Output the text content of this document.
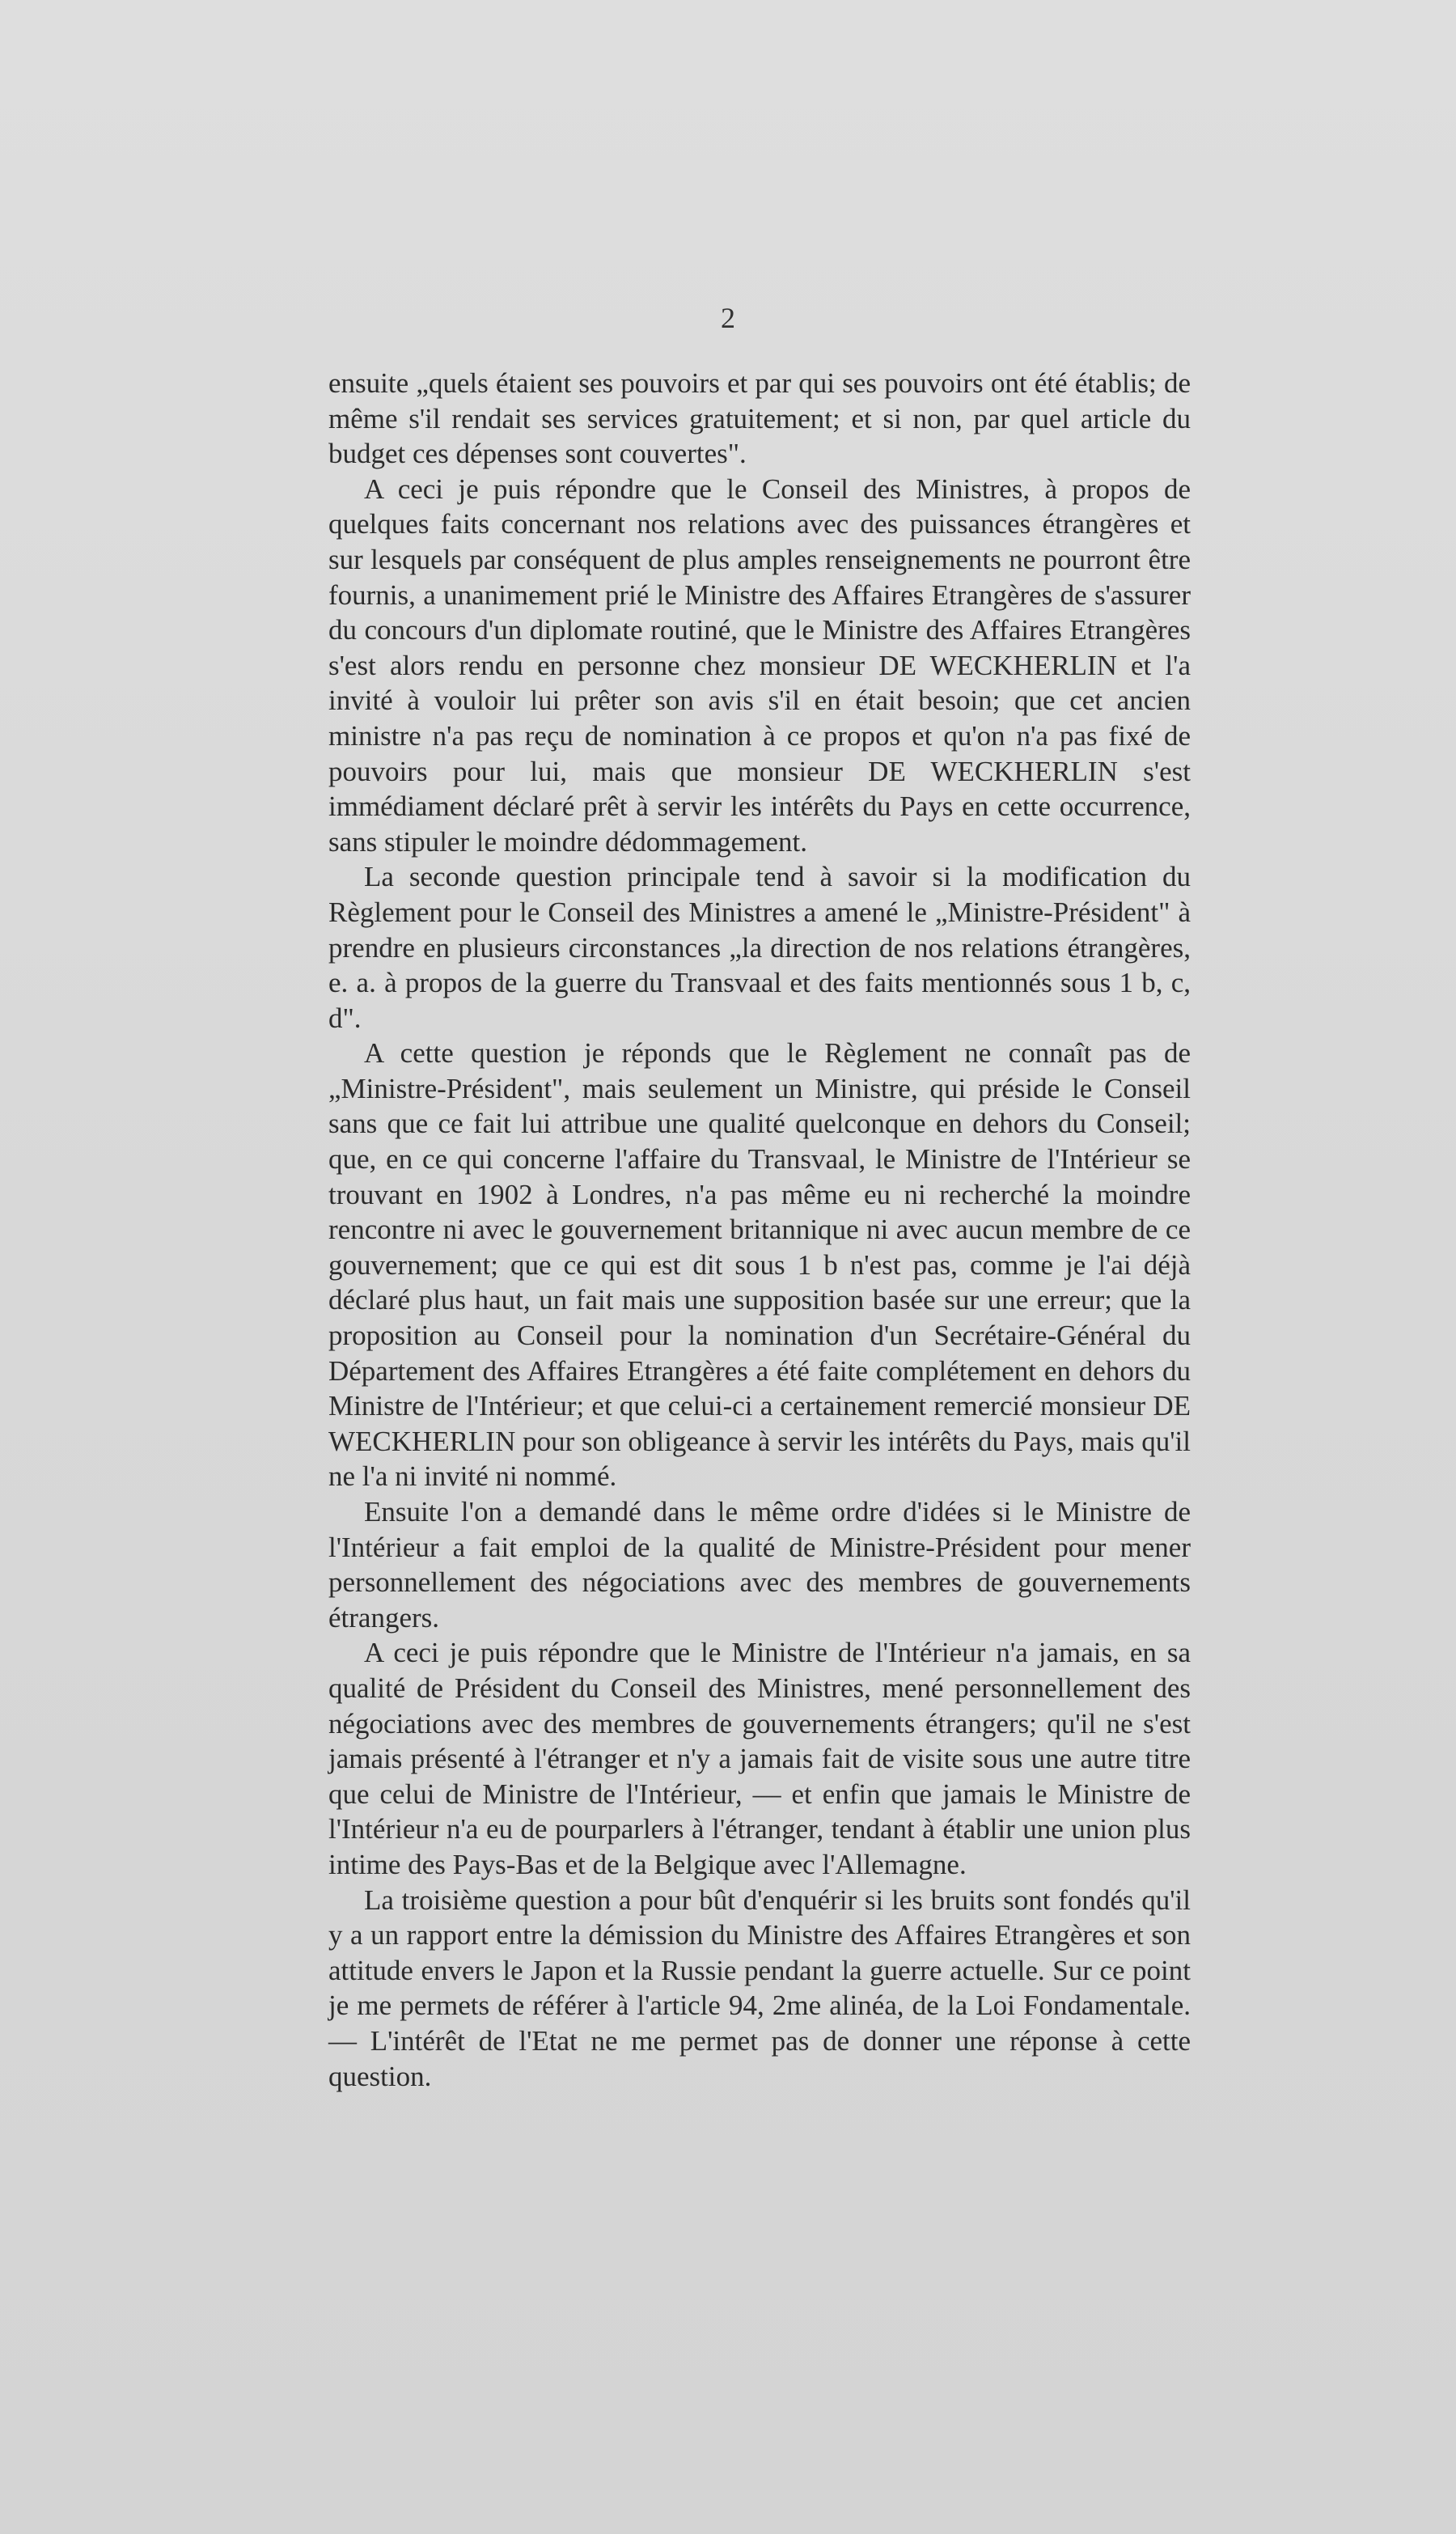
2

ensuite „quels étaient ses pouvoirs et par qui ses pouvoirs ont été établis; de même s'il rendait ses services gratuitement; et si non, par quel article du budget ces dépenses sont couvertes".

A ceci je puis répondre que le Conseil des Ministres, à propos de quelques faits concernant nos relations avec des puissances étrangères et sur lesquels par conséquent de plus amples renseignements ne pourront être fournis, a unanimement prié le Ministre des Affaires Etrangères de s'assurer du concours d'un diplomate routiné, que le Ministre des Affaires Etrangères s'est alors rendu en personne chez monsieur DE WECKHERLIN et l'a invité à vouloir lui prêter son avis s'il en était besoin; que cet ancien ministre n'a pas reçu de nomination à ce propos et qu'on n'a pas fixé de pouvoirs pour lui, mais que monsieur DE WECKHERLIN s'est immédiament déclaré prêt à servir les intérêts du Pays en cette occurrence, sans stipuler le moindre dédommagement.

La seconde question principale tend à savoir si la modification du Règlement pour le Conseil des Ministres a amené le „Ministre-Président" à prendre en plusieurs circonstances „la direction de nos relations étrangères, e. a. à propos de la guerre du Transvaal et des faits mentionnés sous 1 b, c, d".

A cette question je réponds que le Règlement ne connaît pas de „Ministre-Président", mais seulement un Ministre, qui préside le Conseil sans que ce fait lui attribue une qualité quelconque en dehors du Conseil; que, en ce qui concerne l'affaire du Transvaal, le Ministre de l'Intérieur se trouvant en 1902 à Londres, n'a pas même eu ni recherché la moindre rencontre ni avec le gouvernement britannique ni avec aucun membre de ce gouvernement; que ce qui est dit sous 1 b n'est pas, comme je l'ai déjà déclaré plus haut, un fait mais une supposition basée sur une erreur; que la proposition au Conseil pour la nomination d'un Secrétaire-Général du Département des Affaires Etrangères a été faite complétement en dehors du Ministre de l'Intérieur; et que celui-ci a certainement remercié monsieur DE WECKHERLIN pour son obligeance à servir les intérêts du Pays, mais qu'il ne l'a ni invité ni nommé.

Ensuite l'on a demandé dans le même ordre d'idées si le Ministre de l'Intérieur a fait emploi de la qualité de Ministre-Président pour mener personnellement des négociations avec des membres de gouvernements étrangers.

A ceci je puis répondre que le Ministre de l'Intérieur n'a jamais, en sa qualité de Président du Conseil des Ministres, mené personnellement des négociations avec des membres de gouvernements étrangers; qu'il ne s'est jamais présenté à l'étranger et n'y a jamais fait de visite sous une autre titre que celui de Ministre de l'Intérieur, — et enfin que jamais le Ministre de l'Intérieur n'a eu de pourparlers à l'étranger, tendant à établir une union plus intime des Pays-Bas et de la Belgique avec l'Allemagne.

La troisième question a pour bût d'enquérir si les bruits sont fondés qu'il y a un rapport entre la démission du Ministre des Affaires Etrangères et son attitude envers le Japon et la Russie pendant la guerre actuelle. Sur ce point je me permets de référer à l'article 94, 2me alinéa, de la Loi Fondamentale. — L'intérêt de l'Etat ne me permet pas de donner une réponse à cette question.
